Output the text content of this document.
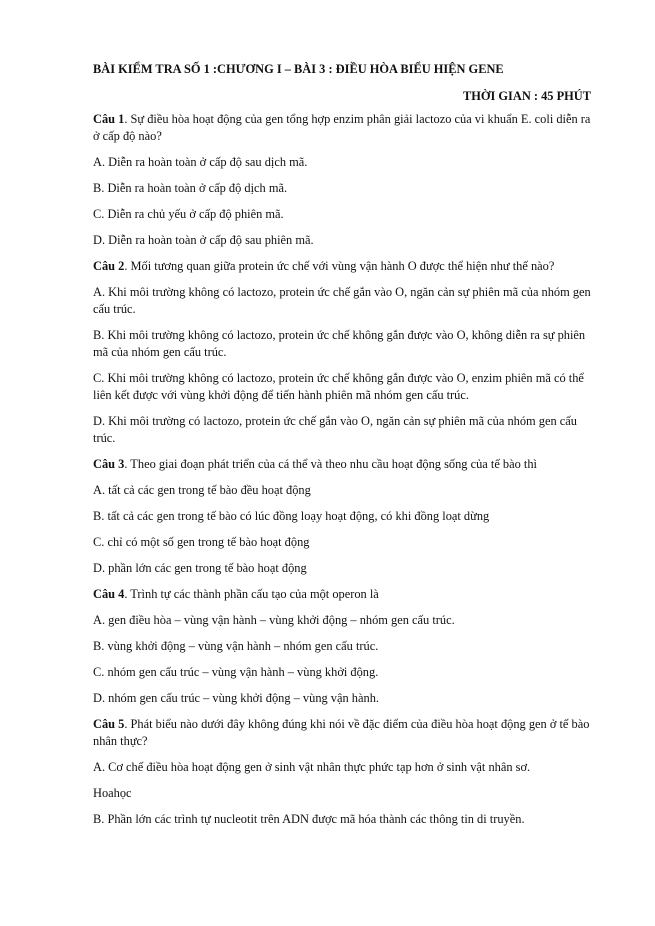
BÀI KIỂM TRA SỐ 1 :CHƯƠNG I – BÀI 3 : ĐIỀU HÒA BIỂU HIỆN GENE

THỜI GIAN : 45 PHÚT

Câu 1. Sự điều hòa hoạt động của gen tổng hợp enzim phân giải lactozo của vi khuẩn E. coli diễn ra ở cấp độ nào?

A. Diễn ra hoàn toàn ở cấp độ sau dịch mã.

B. Diễn ra hoàn toàn ở cấp độ dịch mã.

C. Diễn ra chủ yếu ở cấp độ phiên mã.

D. Diễn ra hoàn toàn ở cấp độ sau phiên mã.

Câu 2. Mối tương quan giữa protein ức chế với vùng vận hành O được thể hiện như thế nào?

A. Khi môi trường không có lactozo, protein ức chế gắn vào O, ngăn cản sự phiên mã của nhóm gen cấu trúc.

B. Khi môi trường không có lactozo, protein ức chế không gắn được vào O, không diễn ra sự phiên mã của nhóm gen cấu trúc.

C. Khi môi trường không có lactozo, protein ức chế không gắn được vào O, enzim phiên mã có thể liên kết được với vùng khởi động để tiến hành phiên mã nhóm gen cấu trúc.

D. Khi môi trường có lactozo, protein ức chế gắn vào O, ngăn cản sự phiên mã của nhóm gen cấu trúc.

Câu 3. Theo giai đoạn phát triển của cá thể và theo nhu cầu hoạt động sống của tế bào thì

A. tất cả các gen trong tế bào đều hoạt động

B. tất cả các gen trong tế bào có lúc đồng loạy hoạt động, có khi đồng loạt dừng

C. chỉ có một số gen trong tế bào hoạt động

D. phần lớn các gen trong tế bào hoạt động

Câu 4. Trình tự các thành phần cấu tạo của một operon là

A. gen điều hòa – vùng vận hành – vùng khởi động – nhóm gen cấu trúc.

B. vùng khởi động – vùng vận hành – nhóm gen cấu trúc.

C. nhóm gen cấu trúc – vùng vận hành – vùng khởi động.

D. nhóm gen cấu trúc – vùng khởi động – vùng vận hành.

Câu 5. Phát biểu nào dưới đây không đúng khi nói về đặc điểm của điều hòa hoạt động gen ở tế bào nhân thực?

A. Cơ chế điều hòa hoạt động gen ở sinh vật nhân thực phức tạp hơn ở sinh vật nhân sơ.

Hoahọc

B. Phần lớn các trình tự nucleotit trên ADN được mã hóa thành các thông tin di truyền.
